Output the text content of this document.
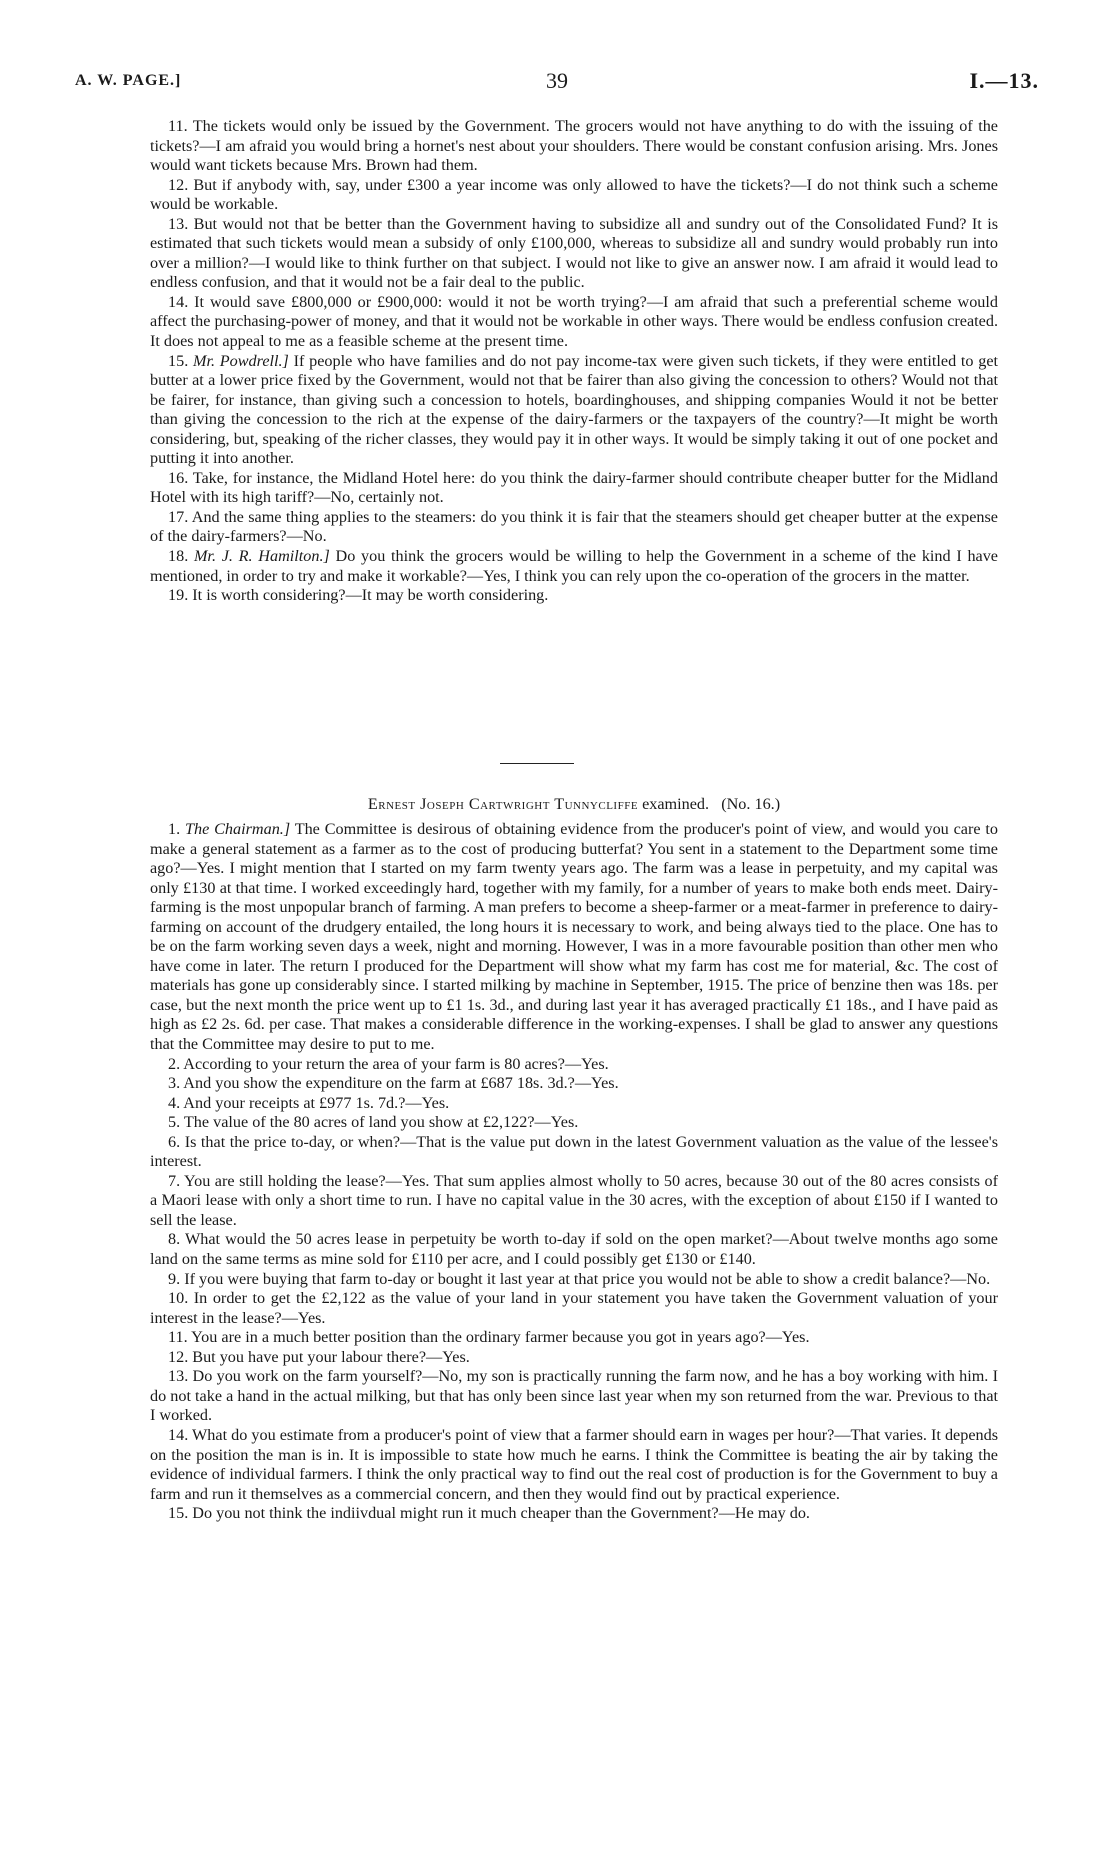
A. W. PAGE.]	39	I.—13.

11. The tickets would only be issued by the Government. The grocers would not have anything to do with the issuing of the tickets?—I am afraid you would bring a hornet's nest about your shoulders. There would be constant confusion arising. Mrs. Jones would want tickets because Mrs. Brown had them.

12. But if anybody with, say, under £300 a year income was only allowed to have the tickets?—I do not think such a scheme would be workable.

13. But would not that be better than the Government having to subsidize all and sundry out of the Consolidated Fund? It is estimated that such tickets would mean a subsidy of only £100,000, whereas to subsidize all and sundry would probably run into over a million?—I would like to think further on that subject. I would not like to give an answer now. I am afraid it would lead to endless confusion, and that it would not be a fair deal to the public.

14. It would save £800,000 or £900,000: would it not be worth trying?—I am afraid that such a preferential scheme would affect the purchasing-power of money, and that it would not be workable in other ways. There would be endless confusion created. It does not appeal to me as a feasible scheme at the present time.

15. Mr. Powdrell.] If people who have families and do not pay income-tax were given such tickets, if they were entitled to get butter at a lower price fixed by the Government, would not that be fairer than also giving the concession to others? Would not that be fairer, for instance, than giving such a concession to hotels, boardinghouses, and shipping companies Would it not be better than giving the concession to the rich at the expense of the dairy-farmers or the taxpayers of the country?—It might be worth considering, but, speaking of the richer classes, they would pay it in other ways. It would be simply taking it out of one pocket and putting it into another.

16. Take, for instance, the Midland Hotel here: do you think the dairy-farmer should contribute cheaper butter for the Midland Hotel with its high tariff?—No, certainly not.

17. And the same thing applies to the steamers: do you think it is fair that the steamers should get cheaper butter at the expense of the dairy-farmers?—No.

18. Mr. J. R. Hamilton.] Do you think the grocers would be willing to help the Government in a scheme of the kind I have mentioned, in order to try and make it workable?—Yes, I think you can rely upon the co-operation of the grocers in the matter.

19. It is worth considering?—It may be worth considering.

Ernest Joseph Cartwright Tunnycliffe examined. (No. 16.)

1. The Chairman.] The Committee is desirous of obtaining evidence from the producer's point of view, and would you care to make a general statement as a farmer as to the cost of producing butterfat? You sent in a statement to the Department some time ago?—Yes. I might mention that I started on my farm twenty years ago. The farm was a lease in perpetuity, and my capital was only £130 at that time. I worked exceedingly hard, together with my family, for a number of years to make both ends meet. Dairy-farming is the most unpopular branch of farming. A man prefers to become a sheep-farmer or a meat-farmer in preference to dairy-farming on account of the drudgery entailed, the long hours it is necessary to work, and being always tied to the place. One has to be on the farm working seven days a week, night and morning. However, I was in a more favourable position than other men who have come in later. The return I produced for the Department will show what my farm has cost me for material, &c. The cost of materials has gone up considerably since. I started milking by machine in September, 1915. The price of benzine then was 18s. per case, but the next month the price went up to £1 1s. 3d., and during last year it has averaged practically £1 18s., and I have paid as high as £2 2s. 6d. per case. That makes a considerable difference in the working-expenses. I shall be glad to answer any questions that the Committee may desire to put to me.

2. According to your return the area of your farm is 80 acres?—Yes.

3. And you show the expenditure on the farm at £687 18s. 3d.?—Yes.

4. And your receipts at £977 1s. 7d.?—Yes.

5. The value of the 80 acres of land you show at £2,122?—Yes.

6. Is that the price to-day, or when?—That is the value put down in the latest Government valuation as the value of the lessee's interest.

7. You are still holding the lease?—Yes. That sum applies almost wholly to 50 acres, because 30 out of the 80 acres consists of a Maori lease with only a short time to run. I have no capital value in the 30 acres, with the exception of about £150 if I wanted to sell the lease.

8. What would the 50 acres lease in perpetuity be worth to-day if sold on the open market?—About twelve months ago some land on the same terms as mine sold for £110 per acre, and I could possibly get £130 or £140.

9. If you were buying that farm to-day or bought it last year at that price you would not be able to show a credit balance?—No.

10. In order to get the £2,122 as the value of your land in your statement you have taken the Government valuation of your interest in the lease?—Yes.

11. You are in a much better position than the ordinary farmer because you got in years ago?—Yes.

12. But you have put your labour there?—Yes.

13. Do you work on the farm yourself?—No, my son is practically running the farm now, and he has a boy working with him. I do not take a hand in the actual milking, but that has only been since last year when my son returned from the war. Previous to that I worked.

14. What do you estimate from a producer's point of view that a farmer should earn in wages per hour?—That varies. It depends on the position the man is in. It is impossible to state how much he earns. I think the Committee is beating the air by taking the evidence of individual farmers. I think the only practical way to find out the real cost of production is for the Government to buy a farm and run it themselves as a commercial concern, and then they would find out by practical experience.

15. Do you not think the indiivdual might run it much cheaper than the Government?—He may do.
